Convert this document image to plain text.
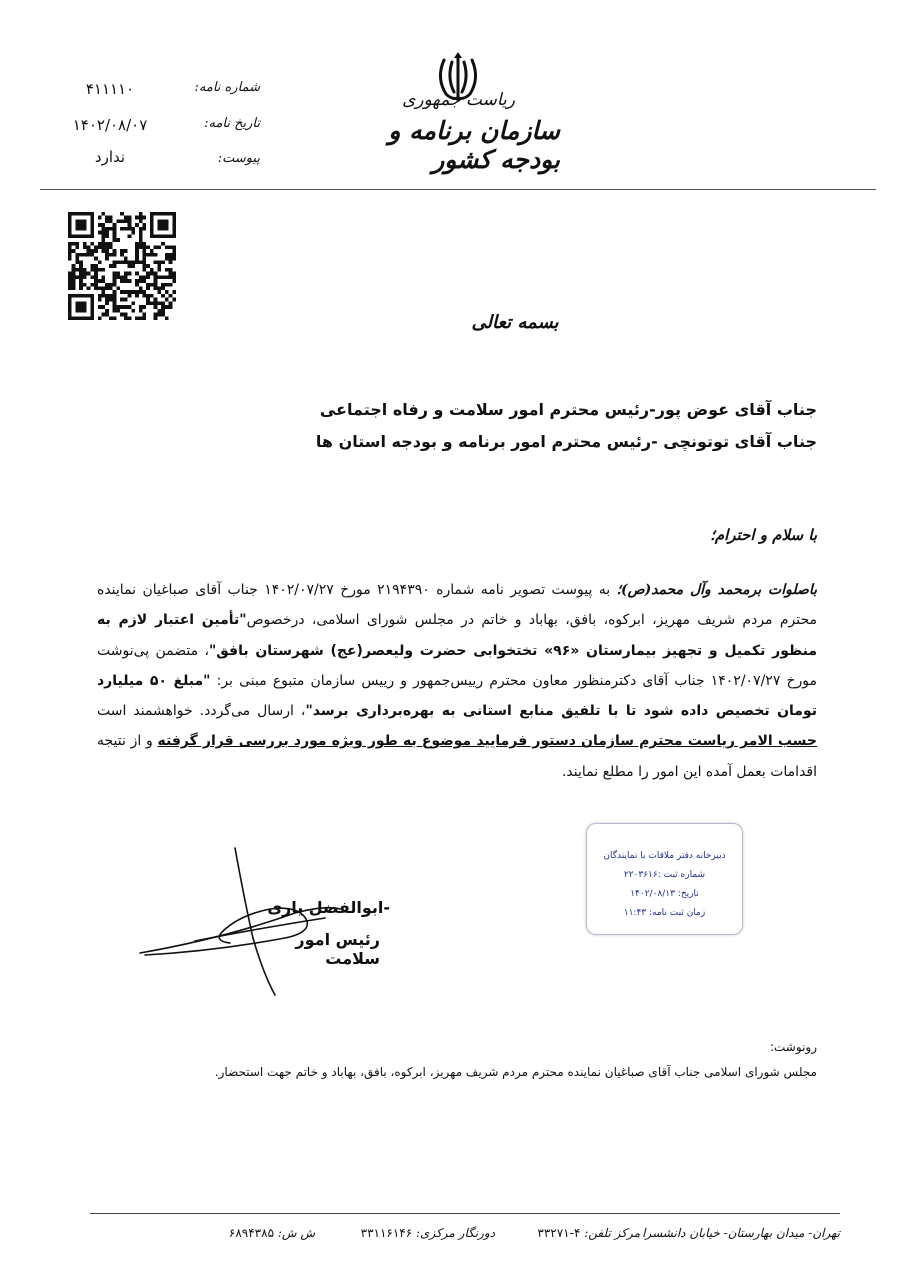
ریاست جمهوری
سازمان برنامه و بودجه کشور
شماره نامه:
۴۱۱۱۱۰
تاریخ نامه:
۱۴۰۲/۰۸/۰۷
پیوست:
ندارد
بسمه تعالی
جناب آقای عوض پور-رئیس محترم امور سلامت و رفاه اجتماعی
جناب آقای توتونچی -رئیس محترم امور برنامه و بودجه استان ها
با سلام و احترام؛
باصلوات برمحمد وآل محمد(ص)؛ به پیوست تصویر نامه شماره ۲۱۹۴۳۹۰ مورخ ۱۴۰۲/۰۷/۲۷ جناب آقای صباغیان نماینده محترم مردم شریف مهریز، ابرکوه، بافق، بهاباد و خاتم در مجلس شورای اسلامی، درخصوص"تأمین اعتبار لازم به منظور تکمیل و تجهیز بیمارستان «۹۶» تختخوابی حضرت ولیعصر(عج) شهرستان بافق"، متضمن پی‌نوشت مورخ ۱۴۰۲/۰۷/۲۷ جناب آقای دکترمنظور معاون محترم رییس‌جمهور و رییس سازمان متبوع مبنی بر: "مبلغ ۵۰ میلیارد تومان تخصیص داده شود تا با تلفیق منابع استانی به بهره‌برداری برسد"، ارسال می‌گردد. خواهشمند است حسب الامر ریاست محترم سازمان دستور فرمایید موضوع به طور ویژه مورد بررسی قرار گرفته و از نتیجه اقدامات بعمل آمده این امور را مطلع نمایند.
دبیرخانه دفتر ملاقات با نمایندگان
شماره ثبت :۲۲۰۳۶۱۶
تاریخ: ۱۴۰۲/۰۸/۱۳
زمان ثبت نامه: ۱۱:۴۳
-ابوالفضل یاری
رئیس امور سلامت
رونوشت:
مجلس شورای اسلامی جناب آقای صباغیان نماینده محترم مردم شریف مهریز، ابرکوه، بافق، بهاباد و خاتم جهت استحضار.
تهران- میدان بهارستان- خیابان دانشسرا
مرکز تلفن: ۴-۳۳۲۷۱
دورنگار مرکزی: ۳۳۱۱۶۱۴۶
ش ش: ۶۸۹۴۳۸۵
